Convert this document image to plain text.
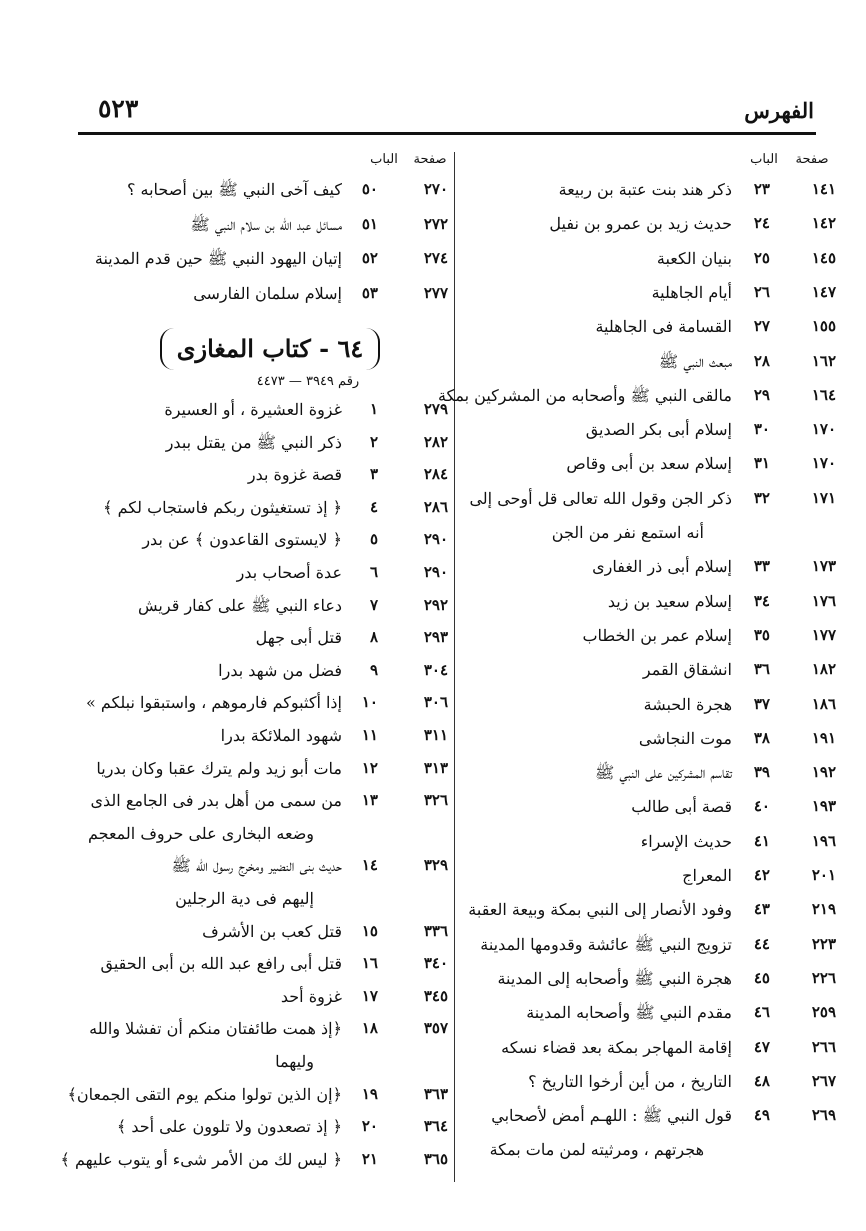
الفهرس
٥٢٣
صفحة
الباب
صفحة
الباب
١٤١
٢٣
ذكر هند بنت عتبة بن ربيعة
١٤٢
٢٤
حديث زيد بن عمرو بن نفيل
١٤٥
٢٥
بنيان الكعبة
١٤٧
٢٦
أيام الجاهلية
١٥٥
٢٧
القسامة فى الجاهلية
١٦٢
٢٨
مبعث النبي ﷺ
١٦٤
٢٩
مالقى النبي ﷺ وأصحابه من المشركين بمكة
١٧٠
٣٠
إسلام أبى بكر الصديق
١٧٠
٣١
إسلام سعد بن أبى وقاص
١٧١
٣٢
ذكر الجن وقول الله تعالى قل أوحى إلى
أنه استمع نفر من الجن
١٧٣
٣٣
إسلام أبى ذر الغفارى
١٧٦
٣٤
إسلام سعيد بن زيد
١٧٧
٣٥
إسلام عمر بن الخطاب
١٨٢
٣٦
انشقاق القمر
١٨٦
٣٧
هجرة الحبشة
١٩١
٣٨
موت النجاشى
١٩٢
٣٩
تقاسم المشركين على النبي ﷺ
١٩٣
٤٠
قصة أبى طالب
١٩٦
٤١
حديث الإسراء
٢٠١
٤٢
المعراج
٢١٩
٤٣
وفود الأنصار إلى النبي بمكة وبيعة العقبة
٢٢٣
٤٤
تزويج النبي ﷺ عائشة وقدومها المدينة
٢٢٦
٤٥
هجرة النبي ﷺ وأصحابه إلى المدينة
٢٥٩
٤٦
مقدم النبي ﷺ وأصحابه المدينة
٢٦٦
٤٧
إقامة المهاجر بمكة بعد قضاء نسكه
٢٦٧
٤٨
التاريخ ، من أين أرخوا التاريخ ؟
٢٦٩
٤٩
قول النبي ﷺ : اللهـم أمض لأصحابي
هجرتهم ، ومرثيته لمن مات بمكة
٢٧٠
٥٠
كيف آخى النبي ﷺ بين أصحابه ؟
٢٧٢
٥١
مسائل عبد الله بن سلام النبي ﷺ
٢٧٤
٥٢
إتيان اليهود النبي ﷺ حين قدم المدينة
٢٧٧
٥٣
إسلام سلمان الفارسى
٦٤ - كتاب المغازى
رقم ٣٩٤٩ — ٤٤٧٣
٢٧٩
١
غزوة العشيرة ، أو العسيرة
٢٨٢
٢
ذكر النبي ﷺ من يقتل ببدر
٢٨٤
٣
قصة غزوة بدر
٢٨٦
٤
﴿ إذ تستغيثون ربكم فاستجاب لكم ﴾
٢٩٠
٥
﴿ لايستوى القاعدون ﴾ عن بدر
٢٩٠
٦
عدة أصحاب بدر
٢٩٢
٧
دعاء النبي ﷺ على كفار قريش
٢٩٣
٨
قتل أبى جهل
٣٠٤
٩
فضل من شهد بدرا
٣٠٦
١٠
إذا أكثبوكم فارموهم ، واستبقوا نبلكم »
٣١١
١١
شهود الملائكة بدرا
٣١٣
١٢
مات أبو زيد ولم يترك عقبا وكان بدريا
٣٢٦
١٣
من سمى من أهل بدر فى الجامع الذى
وضعه البخارى على حروف المعجم
٣٢٩
١٤
حديث بنى النضير ومخرج رسول الله ﷺ
إليهم فى دية الرجلين
٣٣٦
١٥
قتل كعب بن الأشرف
٣٤٠
١٦
قتل أبى رافع عبد الله بن أبى الحقيق
٣٤٥
١٧
غزوة أحد
٣٥٧
١٨
﴿إذ همت طائفتان منكم أن تفشلا والله
وليهما
٣٦٣
١٩
﴿إن الذين تولوا منكم يوم التقى الجمعان﴾
٣٦٤
٢٠
﴿ إذ تصعدون ولا تلوون على أحد ﴾
٣٦٥
٢١
﴿ ليس لك من الأمر شىء أو يتوب عليهم ﴾
